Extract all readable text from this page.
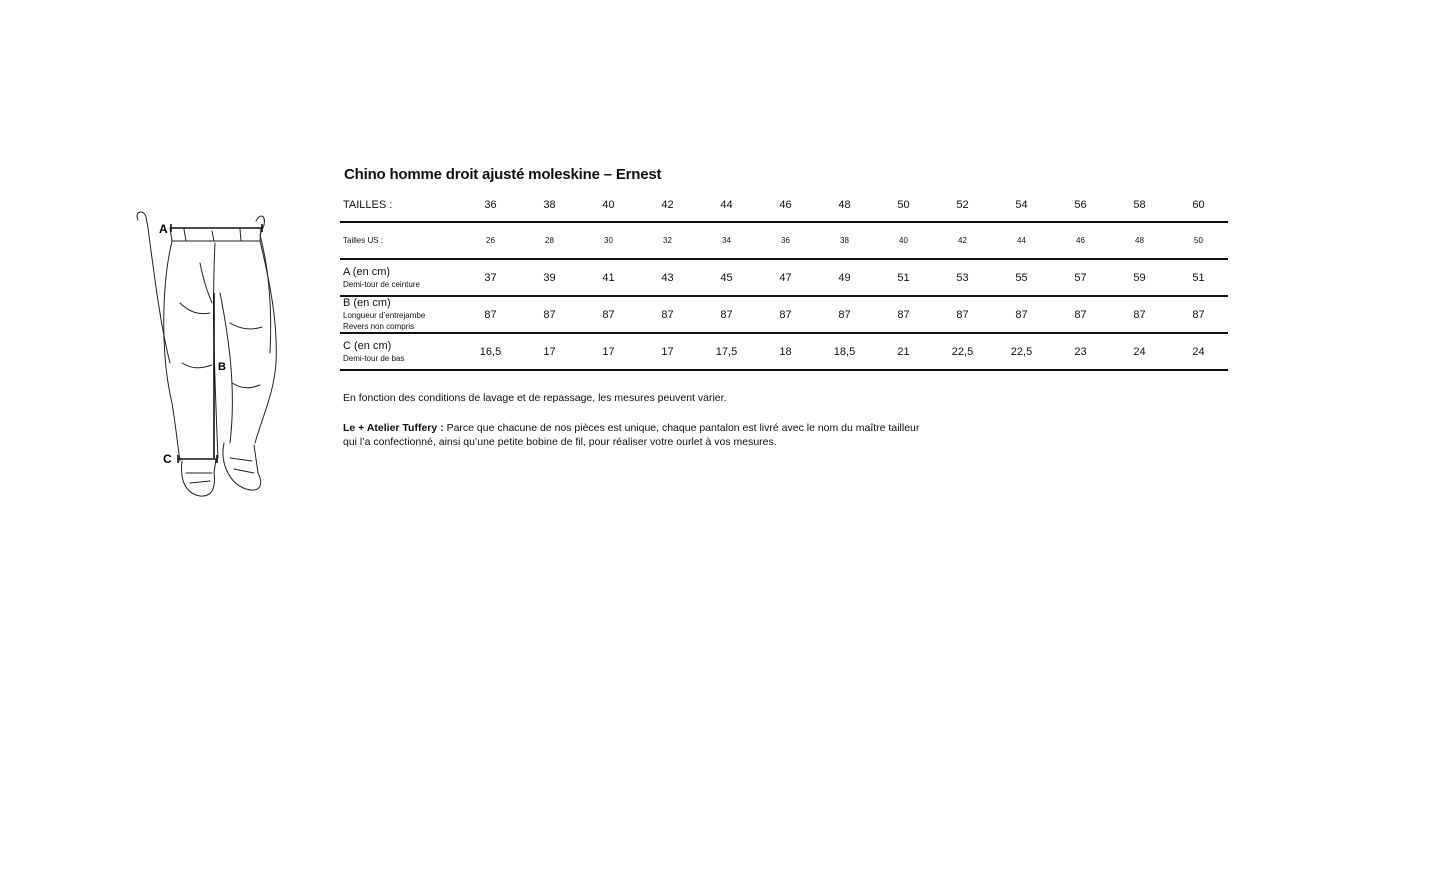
A
B
C
Chino homme droit ajusté moleskine – Ernest
TAILLES :	36	38	40	42	44	46	48	50	52	54	56	58	60
Tailles US :	26	28	30	32	34	36	38	40	42	44	46	48	50

A (en cm)
Demi-tour de ceinture	37	39	41	43	45	47	49	51	53	55	57	59	51

B (en cm)
Longueur d’entrejambe
Revers non compris	87	87	87	87	87	87	87	87	87	87	87	87	87

C (en cm)
Demi-tour de bas	16,5	17	17	17	17,5	18	18,5	21	22,5	22,5	23	24	24

En fonction des conditions de lavage et de repassage, les mesures peuvent varier.

Le + Atelier Tuffery : Parce que chacune de nos pièces est unique, chaque pantalon est livré avec le nom du maître tailleur qui l’a confectionné, ainsi qu’une petite bobine de fil, pour réaliser votre ourlet à vos mesures.
